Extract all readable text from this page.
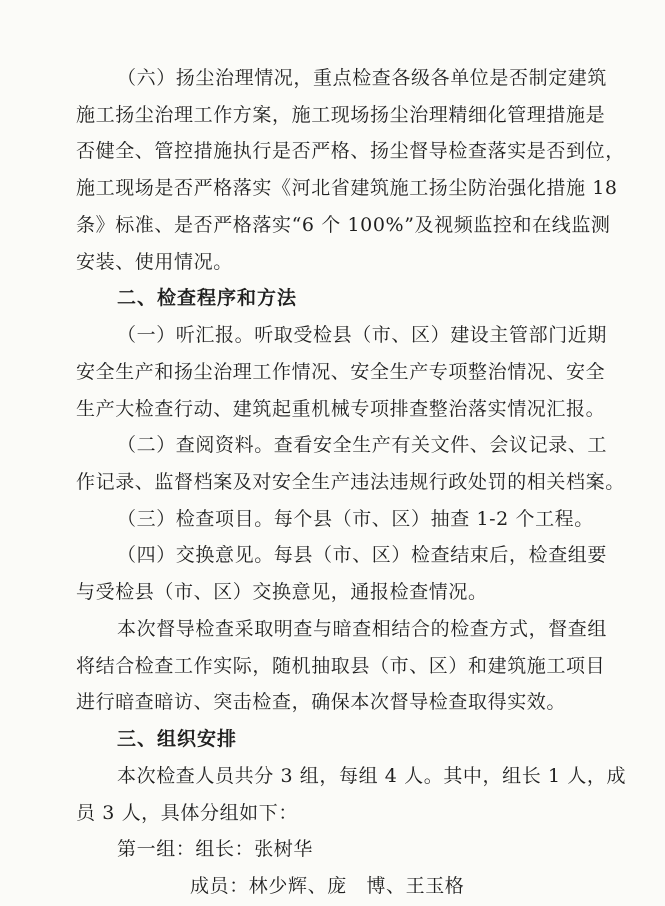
（六）扬尘治理情况，重点检查各级各单位是否制定建筑
施工扬尘治理工作方案，施工现场扬尘治理精细化管理措施是
否健全、管控措施执行是否严格、扬尘督导检查落实是否到位，
施工现场是否严格落实《河北省建筑施工扬尘防治强化措施 18
条》标准、是否严格落实“6 个 100%”及视频监控和在线监测
安装、使用情况。
二、检查程序和方法
（一）听汇报。听取受检县（市、区）建设主管部门近期
安全生产和扬尘治理工作情况、安全生产专项整治情况、安全
生产大检查行动、建筑起重机械专项排查整治落实情况汇报。
（二）查阅资料。查看安全生产有关文件、会议记录、工
作记录、监督档案及对安全生产违法违规行政处罚的相关档案。
（三）检查项目。每个县（市、区）抽查 1-2 个工程。
（四）交换意见。每县（市、区）检查结束后，检查组要
与受检县（市、区）交换意见，通报检查情况。
本次督导检查采取明查与暗查相结合的检查方式，督查组
将结合检查工作实际，随机抽取县（市、区）和建筑施工项目
进行暗查暗访、突击检查，确保本次督导检查取得实效。
三、组织安排
本次检查人员共分 3 组，每组 4 人。其中，组长 1 人，成
员 3 人，具体分组如下：
第一组：组长：张树华
成员：林少辉、庞　博、王玉格
